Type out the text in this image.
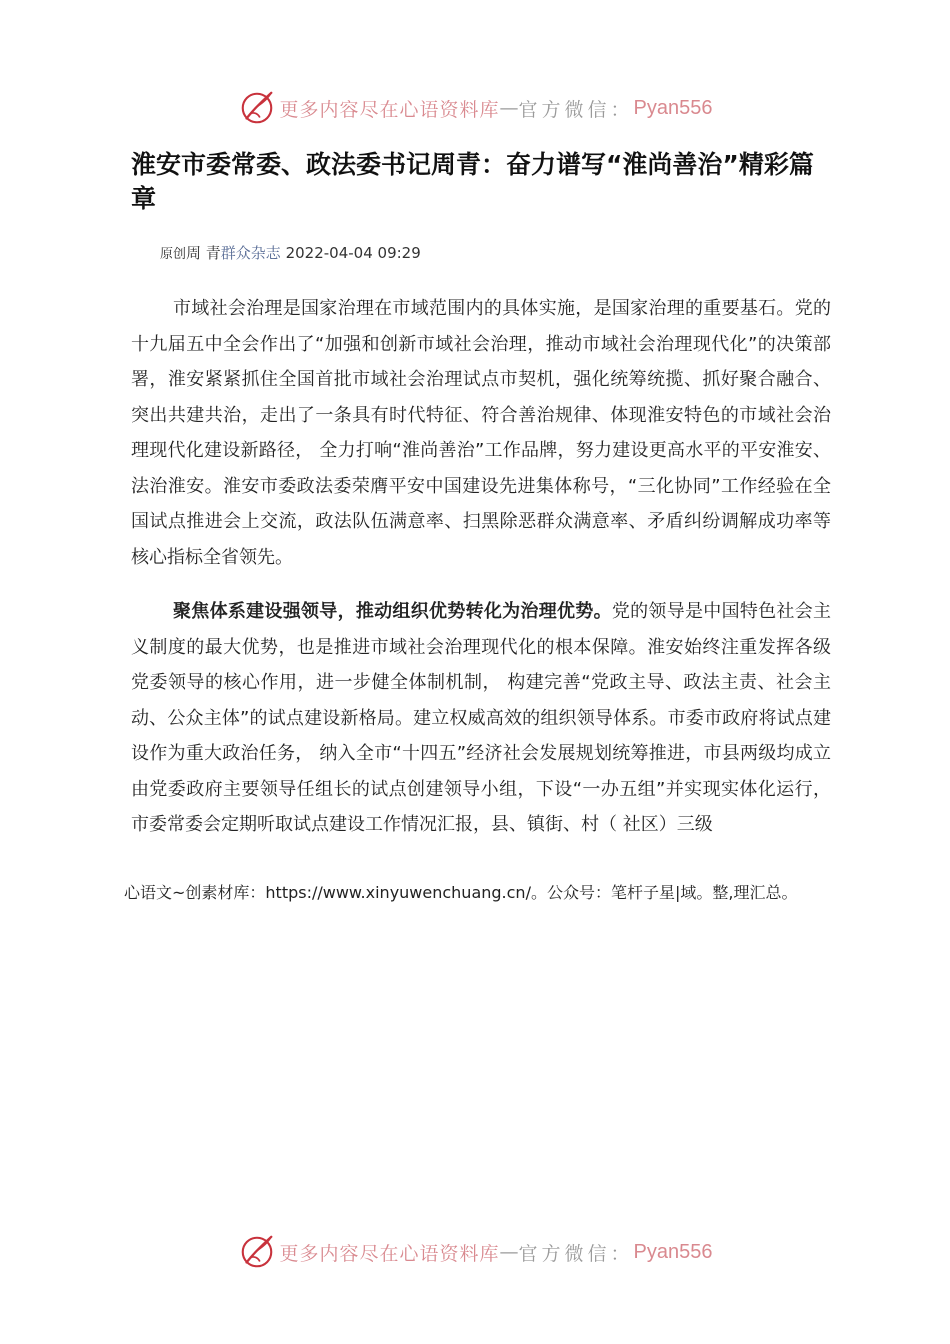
更多内容尽在心语资料库 — 官方微信： Pyan556
淮安市委常委、政法委书记周青：奋力谱写“淮尚善治”精彩篇章
原创周 青群众杂志 2022-04-04 09:29

市域社会治理是国家治理在市域范围内的具体实施，是国家治理的重要基石。党的十九届五中全会作出了“加强和创新市域社会治理，推动市域社会治理现代化”的决策部署，淮安紧紧抓住全国首批市域社会治理试点市契机，强化统筹统揽、抓好聚合融合、突出共建共治，走出了一条具有时代特征、符合善治规律、体现淮安特色的市域社会治理现代化建设新路径， 全力打响“淮尚善治”工作品牌，努力建设更高水平的平安淮安、法治淮安。淮安市委政法委荣膺平安中国建设先进集体称号，“三化协同”工作经验在全国试点推进会上交流，政法队伍满意率、扫黑除恶群众满意率、矛盾纠纷调解成功率等核心指标全省领先。

聚焦体系建设强领导，推动组织优势转化为治理优势。党的领导是中国特色社会主义制度的最大优势，也是推进市域社会治理现代化的根本保障。淮安始终注重发挥各级党委领导的核心作用，进一步健全体制机制， 构建完善“党政主导、政法主责、社会主动、公众主体”的试点建设新格局。建立权威高效的组织领导体系。市委市政府将试点建设作为重大政治任务， 纳入全市“十四五”经济社会发展规划统筹推进，市县两级均成立由党委政府主要领导任组长的试点创建领导小组，下设“一办五组”并实现实体化运行， 市委常委会定期听取试点建设工作情况汇报，县、镇街、村（ 社区）三级

心语文~创素材库：https://www.xinyuwenchuang.cn/。公众号：笔杆子星|域。整,理汇总。
更多内容尽在心语资料库 — 官方微信： Pyan556
